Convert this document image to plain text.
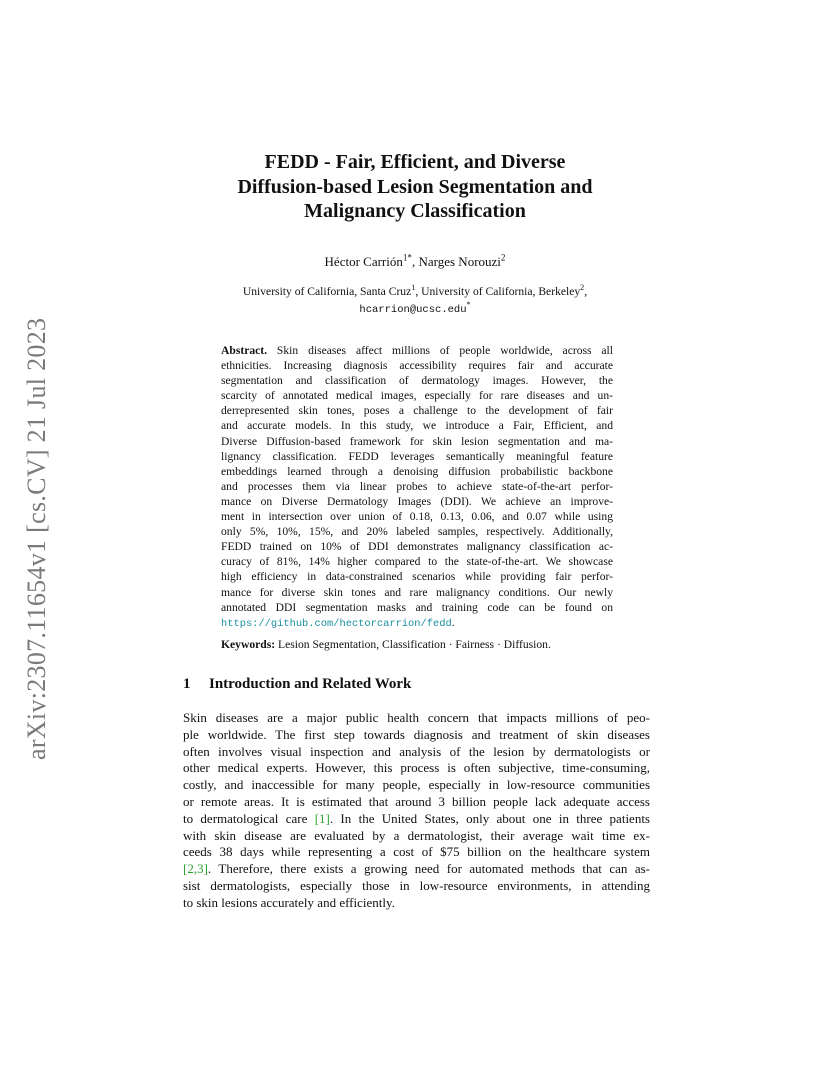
arXiv:2307.11654v1 [cs.CV] 21 Jul 2023
FEDD - Fair, Efficient, and Diverse
Diffusion-based Lesion Segmentation and
Malignancy Classification
Héctor Carrión$^{1*}$, Narges Norouzi$^2$
University of California, Santa Cruz$^1$, University of California, Berkeley$^2$,
hcarrion@ucsc.edu*
Abstract. Skin diseases affect millions of people worldwide, across all
ethnicities. Increasing diagnosis accessibility requires fair and accurate
segmentation and classification of dermatology images. However, the
scarcity of annotated medical images, especially for rare diseases and un-
derrepresented skin tones, poses a challenge to the development of fair
and accurate models. In this study, we introduce a Fair, Efficient, and
Diverse Diffusion-based framework for skin lesion segmentation and ma-
lignancy classification. FEDD leverages semantically meaningful feature
embeddings learned through a denoising diffusion probabilistic backbone
and processes them via linear probes to achieve state-of-the-art perfor-
mance on Diverse Dermatology Images (DDI). We achieve an improve-
ment in intersection over union of 0.18, 0.13, 0.06, and 0.07 while using
only 5%, 10%, 15%, and 20% labeled samples, respectively. Additionally,
FEDD trained on 10% of DDI demonstrates malignancy classification ac-
curacy of 81%, 14% higher compared to the state-of-the-art. We showcase
high efficiency in data-constrained scenarios while providing fair perfor-
mance for diverse skin tones and rare malignancy conditions. Our newly
annotated DDI segmentation masks and training code can be found on
https://github.com/hectorcarrion/fedd.
Keywords: Lesion Segmentation, Classification · Fairness · Diffusion.
1 Introduction and Related Work
Skin diseases are a major public health concern that impacts millions of peo-
ple worldwide. The first step towards diagnosis and treatment of skin diseases
often involves visual inspection and analysis of the lesion by dermatologists or
other medical experts. However, this process is often subjective, time-consuming,
costly, and inaccessible for many people, especially in low-resource communities
or remote areas. It is estimated that around 3 billion people lack adequate access
to dermatological care [1]. In the United States, only about one in three patients
with skin disease are evaluated by a dermatologist, their average wait time ex-
ceeds 38 days while representing a cost of $75 billion on the healthcare system
[2,3]. Therefore, there exists a growing need for automated methods that can as-
sist dermatologists, especially those in low-resource environments, in attending
to skin lesions accurately and efficiently.
